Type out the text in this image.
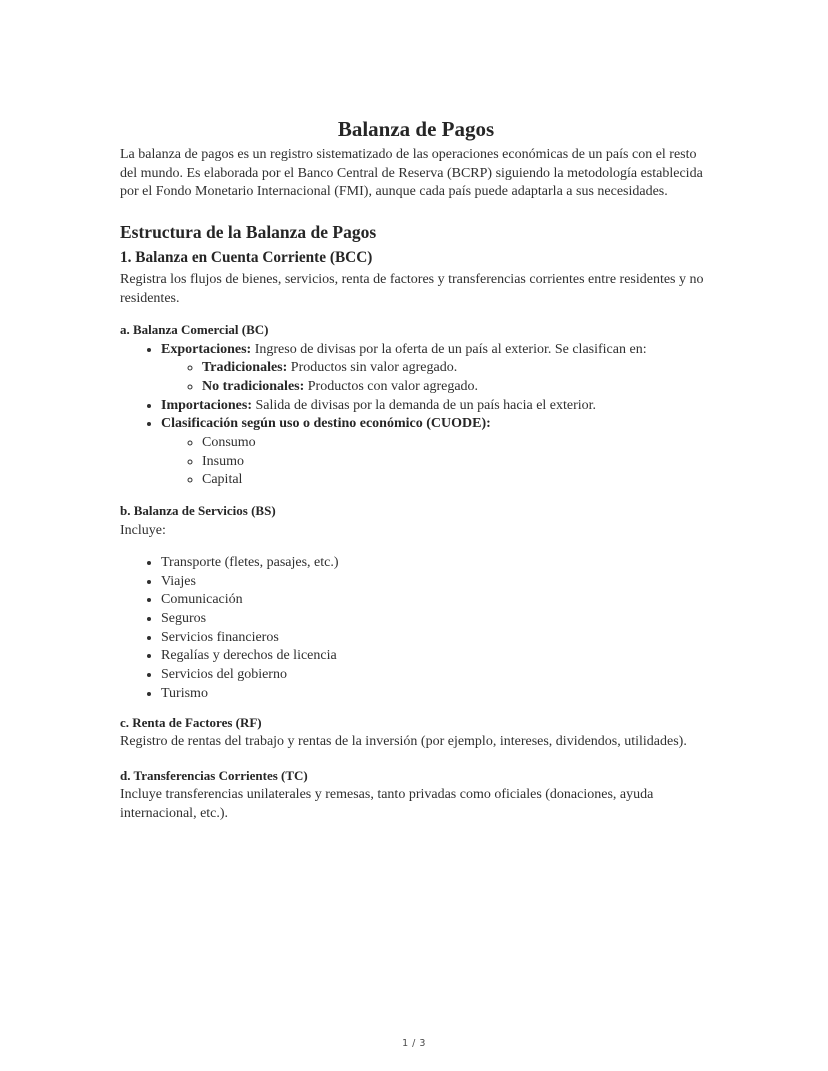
Balanza de Pagos

La balanza de pagos es un registro sistematizado de las operaciones económicas de un país con el resto del mundo. Es elaborada por el Banco Central de Reserva (BCRP) siguiendo la metodología establecida por el Fondo Monetario Internacional (FMI), aunque cada país puede adaptarla a sus necesidades.

Estructura de la Balanza de Pagos
1. Balanza en Cuenta Corriente (BCC)

Registra los flujos de bienes, servicios, renta de factores y transferencias corrientes entre residentes y no residentes.

a. Balanza Comercial (BC)
• Exportaciones: Ingreso de divisas por la oferta de un país al exterior. Se clasifican en:
◦ Tradicionales: Productos sin valor agregado.
◦ No tradicionales: Productos con valor agregado.
• Importaciones: Salida de divisas por la demanda de un país hacia el exterior.
• Clasificación según uso o destino económico (CUODE):
◦ Consumo
◦ Insumo
◦ Capital
b. Balanza de Servicios (BS)

Incluye:

• Transporte (fletes, pasajes, etc.)
• Viajes
• Comunicación
• Seguros
• Servicios financieros
• Regalías y derechos de licencia
• Servicios del gobierno
• Turismo
c. Renta de Factores (RF)

Registro de rentas del trabajo y rentas de la inversión (por ejemplo, intereses, dividendos, utilidades).

d. Transferencias Corrientes (TC)

Incluye transferencias unilaterales y remesas, tanto privadas como oficiales (donaciones, ayuda internacional, etc.).

1 / 3
